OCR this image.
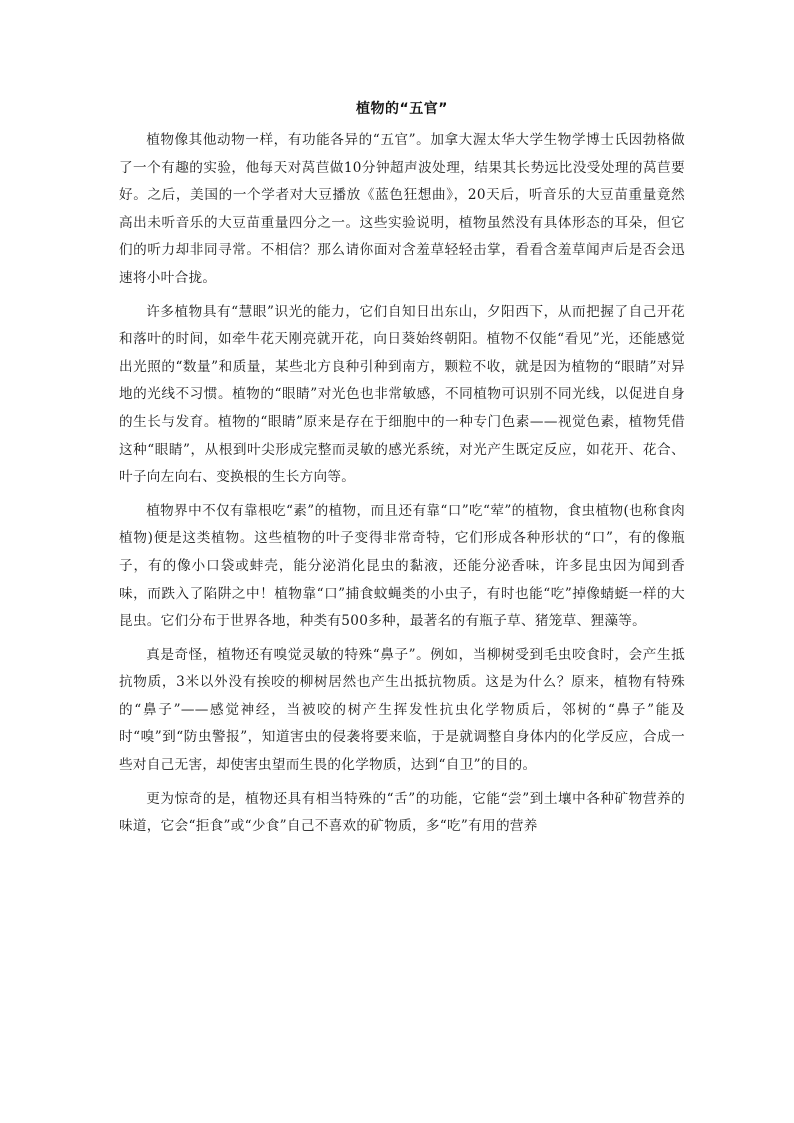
植物的“五官”

植物像其他动物一样，有功能各异的“五官”。加拿大渥太华大学生物学博士氏因勃格做了一个有趣的实验，他每天对莴苣做10分钟超声波处理，结果其长势远比没受处理的莴苣要好。之后，美国的一个学者对大豆播放《蓝色狂想曲》，20天后，听音乐的大豆苗重量竟然高出未听音乐的大豆苗重量四分之一。这些实验说明，植物虽然没有具体形态的耳朵，但它们的听力却非同寻常。不相信？那么请你面对含羞草轻轻击掌，看看含羞草闻声后是否会迅速将小叶合拢。

许多植物具有“慧眼”识光的能力，它们自知日出东山，夕阳西下，从而把握了自己开花和落叶的时间，如牵牛花天刚亮就开花，向日葵始终朝阳。植物不仅能“看见”光，还能感觉出光照的“数量”和质量，某些北方良种引种到南方，颗粒不收，就是因为植物的“眼睛”对异地的光线不习惯。植物的“眼睛”对光色也非常敏感，不同植物可识别不同光线，以促进自身的生长与发育。植物的“眼睛”原来是存在于细胞中的一种专门色素——视觉色素，植物凭借这种“眼睛”，从根到叶尖形成完整而灵敏的感光系统，对光产生既定反应，如花开、花合、叶子向左向右、变换根的生长方向等。

植物界中不仅有靠根吃“素”的植物，而且还有靠“口”吃“荤”的植物，食虫植物(也称食肉植物)便是这类植物。这些植物的叶子变得非常奇特，它们形成各种形状的“口”，有的像瓶子，有的像小口袋或蚌壳，能分泌消化昆虫的黏液，还能分泌香味，许多昆虫因为闻到香味，而跌入了陷阱之中！植物靠“口”捕食蚊蝇类的小虫子，有时也能“吃”掉像蜻蜓一样的大昆虫。它们分布于世界各地，种类有500多种，最著名的有瓶子草、猪笼草、狸藻等。

真是奇怪，植物还有嗅觉灵敏的特殊“鼻子”。例如，当柳树受到毛虫咬食时，会产生抵抗物质，3米以外没有挨咬的柳树居然也产生出抵抗物质。这是为什么？原来，植物有特殊的“鼻子”——感觉神经，当被咬的树产生挥发性抗虫化学物质后，邻树的“鼻子”能及时“嗅”到“防虫警报”，知道害虫的侵袭将要来临，于是就调整自身体内的化学反应，合成一些对自己无害，却使害虫望而生畏的化学物质，达到“自卫”的目的。

更为惊奇的是，植物还具有相当特殊的“舌”的功能，它能“尝”到土壤中各种矿物营养的味道，它会“拒食”或“少食”自己不喜欢的矿物质，多“吃”有用的营养
